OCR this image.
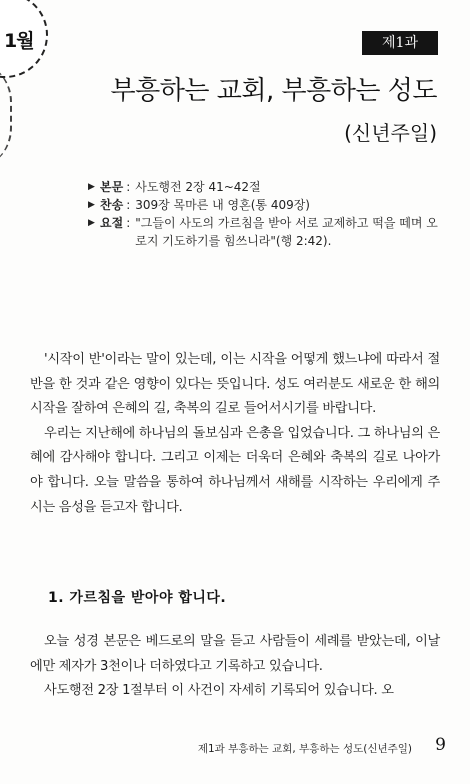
1월	제1과
부흥하는 교회, 부흥하는 성도
(신년주일)
▶ 본문 : 사도행전 2장 41~42절
▶ 찬송 : 309장 목마른 내 영혼(통 409장)
▶ 요절 : "그들이 사도의 가르침을 받아 서로 교제하고 떡을 떼며 오로지 기도하기를 힘쓰니라"(행 2:42).

'시작이 반'이라는 말이 있는데, 이는 시작을 어떻게 했느냐에 따라서 절반을 한 것과 같은 영향이 있다는 뜻입니다. 성도 여러분도 새로운 한 해의 시작을 잘하여 은혜의 길, 축복의 길로 들어서시기를 바랍니다.

우리는 지난해에 하나님의 돌보심과 은총을 입었습니다. 그 하나님의 은혜에 감사해야 합니다. 그리고 이제는 더욱더 은혜와 축복의 길로 나아가야 합니다. 오늘 말씀을 통하여 하나님께서 새해를 시작하는 우리에게 주시는 음성을 듣고자 합니다.

1. 가르침을 받아야 합니다.

오늘 성경 본문은 베드로의 말을 듣고 사람들이 세례를 받았는데, 이날에만 제자가 3천이나 더하였다고 기록하고 있습니다.

사도행전 2장 1절부터 이 사건이 자세히 기록되어 있습니다. 오

제1과 부흥하는 교회, 부흥하는 성도(신년주일) 9
